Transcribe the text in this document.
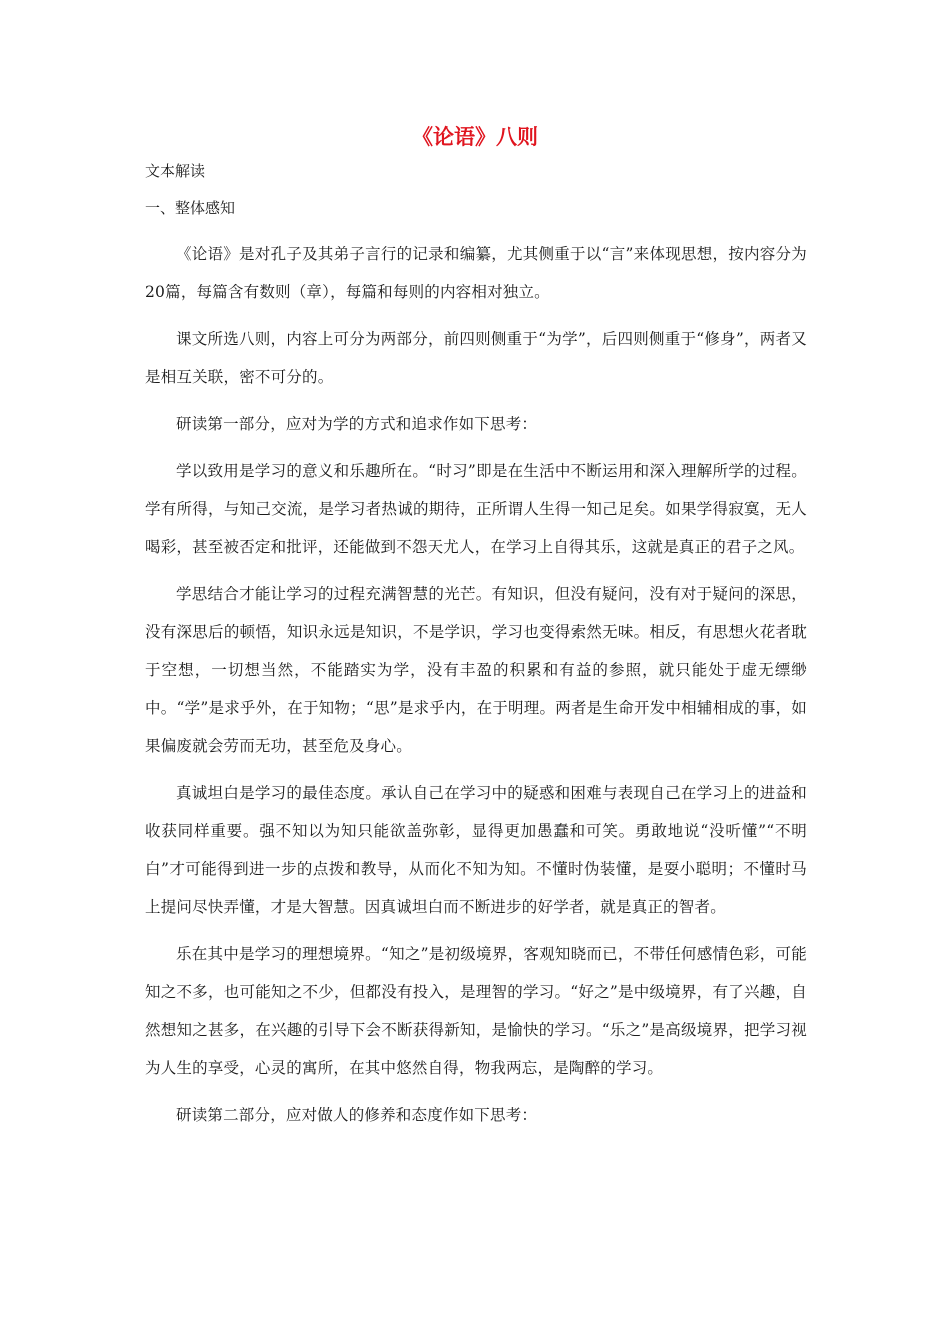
《论语》八则
文本解读
一、整体感知

《论语》是对孔子及其弟子言行的记录和编纂，尤其侧重于以“言”来体现思想，按内容分为20篇，每篇含有数则（章），每篇和每则的内容相对独立。

课文所选八则，内容上可分为两部分，前四则侧重于“为学”，后四则侧重于“修身”，两者又是相互关联，密不可分的。

研读第一部分，应对为学的方式和追求作如下思考：

学以致用是学习的意义和乐趣所在。“时习”即是在生活中不断运用和深入理解所学的过程。学有所得，与知己交流，是学习者热诚的期待，正所谓人生得一知己足矣。如果学得寂寞，无人喝彩，甚至被否定和批评，还能做到不怨天尤人，在学习上自得其乐，这就是真正的君子之风。

学思结合才能让学习的过程充满智慧的光芒。有知识，但没有疑问，没有对于疑问的深思，没有深思后的顿悟，知识永远是知识，不是学识，学习也变得索然无味。相反，有思想火花者耽于空想，一切想当然，不能踏实为学，没有丰盈的积累和有益的参照，就只能处于虚无缥缈中。“学”是求乎外，在于知物；“思”是求乎内，在于明理。两者是生命开发中相辅相成的事，如果偏废就会劳而无功，甚至危及身心。

真诚坦白是学习的最佳态度。承认自己在学习中的疑惑和困难与表现自己在学习上的进益和收获同样重要。强不知以为知只能欲盖弥彰，显得更加愚蠢和可笑。勇敢地说“没听懂”“不明白”才可能得到进一步的点拨和教导，从而化不知为知。不懂时伪装懂，是耍小聪明；不懂时马上提问尽快弄懂，才是大智慧。因真诚坦白而不断进步的好学者，就是真正的智者。

乐在其中是学习的理想境界。“知之”是初级境界，客观知晓而已，不带任何感情色彩，可能知之不多，也可能知之不少，但都没有投入，是理智的学习。“好之”是中级境界，有了兴趣，自然想知之甚多，在兴趣的引导下会不断获得新知，是愉快的学习。“乐之”是高级境界，把学习视为人生的享受，心灵的寓所，在其中悠然自得，物我两忘，是陶醉的学习。

研读第二部分，应对做人的修养和态度作如下思考：
